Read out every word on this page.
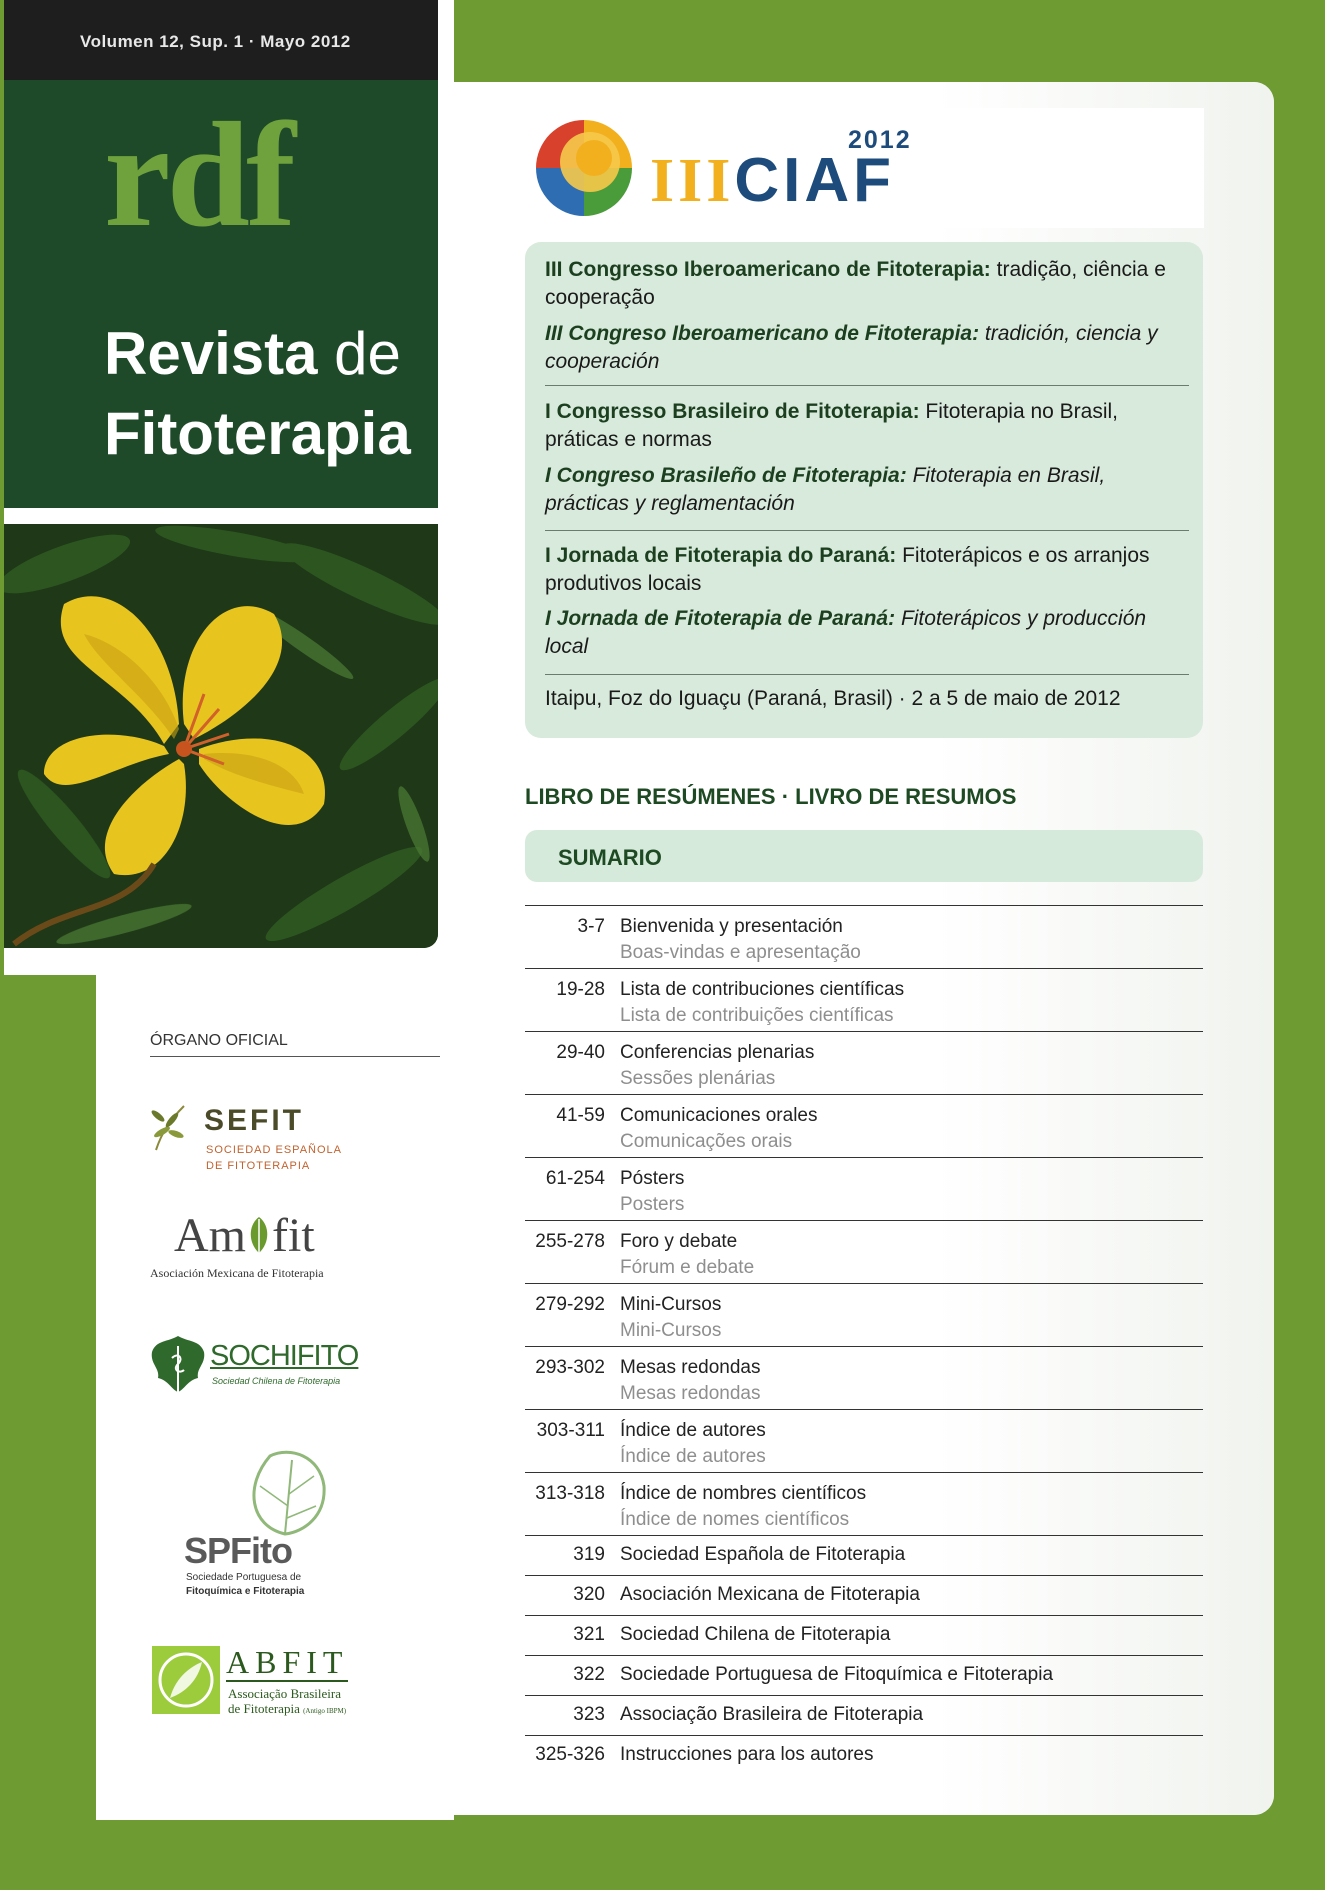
Volumen 12, Sup. 1 · Mayo 2012
rdf
Revista de
Fitoterapia
ÓRGANO OFICIAL
SEFIT
SOCIEDAD ESPAÑOLA
DE FITOTERAPIA
Am fit
Asociación Mexicana de Fitoterapia
SOCHIFITO
Sociedad Chilena de Fitoterapia
SPFito
Sociedade Portuguesa de
Fitoquímica e Fitoterapia
ABFIT
Associação Brasileira
de Fitoterapia (Antigo IBPM)
2012
IIICIAF
III Congresso Iberoamericano de Fitoterapia: tradição, ciência e
cooperação
III Congreso Iberoamericano de Fitoterapia: tradición, ciencia y
cooperación
I Congresso Brasileiro de Fitoterapia: Fitoterapia no Brasil,
práticas e normas
I Congreso Brasileño de Fitoterapia: Fitoterapia en Brasil,
prácticas y reglamentación
I Jornada de Fitoterapia do Paraná: Fitoterápicos e os arranjos
produtivos locais
I Jornada de Fitoterapia de Paraná: Fitoterápicos y producción
local
Itaipu, Foz do Iguaçu (Paraná, Brasil) · 2 a 5 de maio de 2012
LIBRO DE RESÚMENES · LIVRO DE RESUMOS
SUMARIO
3-7 Bienvenida y presentación
Boas-vindas e apresentação
19-28 Lista de contribuciones científicas
Lista de contribuições científicas
29-40 Conferencias plenarias
Sessões plenárias
41-59 Comunicaciones orales
Comunicações orais
61-254 Pósters
Posters
255-278 Foro y debate
Fórum e debate
279-292 Mini-Cursos
Mini-Cursos
293-302 Mesas redondas
Mesas redondas
303-311 Índice de autores
Índice de autores
313-318 Índice de nombres científicos
Índice de nomes científicos
319 Sociedad Española de Fitoterapia
320 Asociación Mexicana de Fitoterapia
321 Sociedad Chilena de Fitoterapia
322 Sociedade Portuguesa de Fitoquímica e Fitoterapia
323 Associação Brasileira de Fitoterapia
325-326 Instrucciones para los autores
